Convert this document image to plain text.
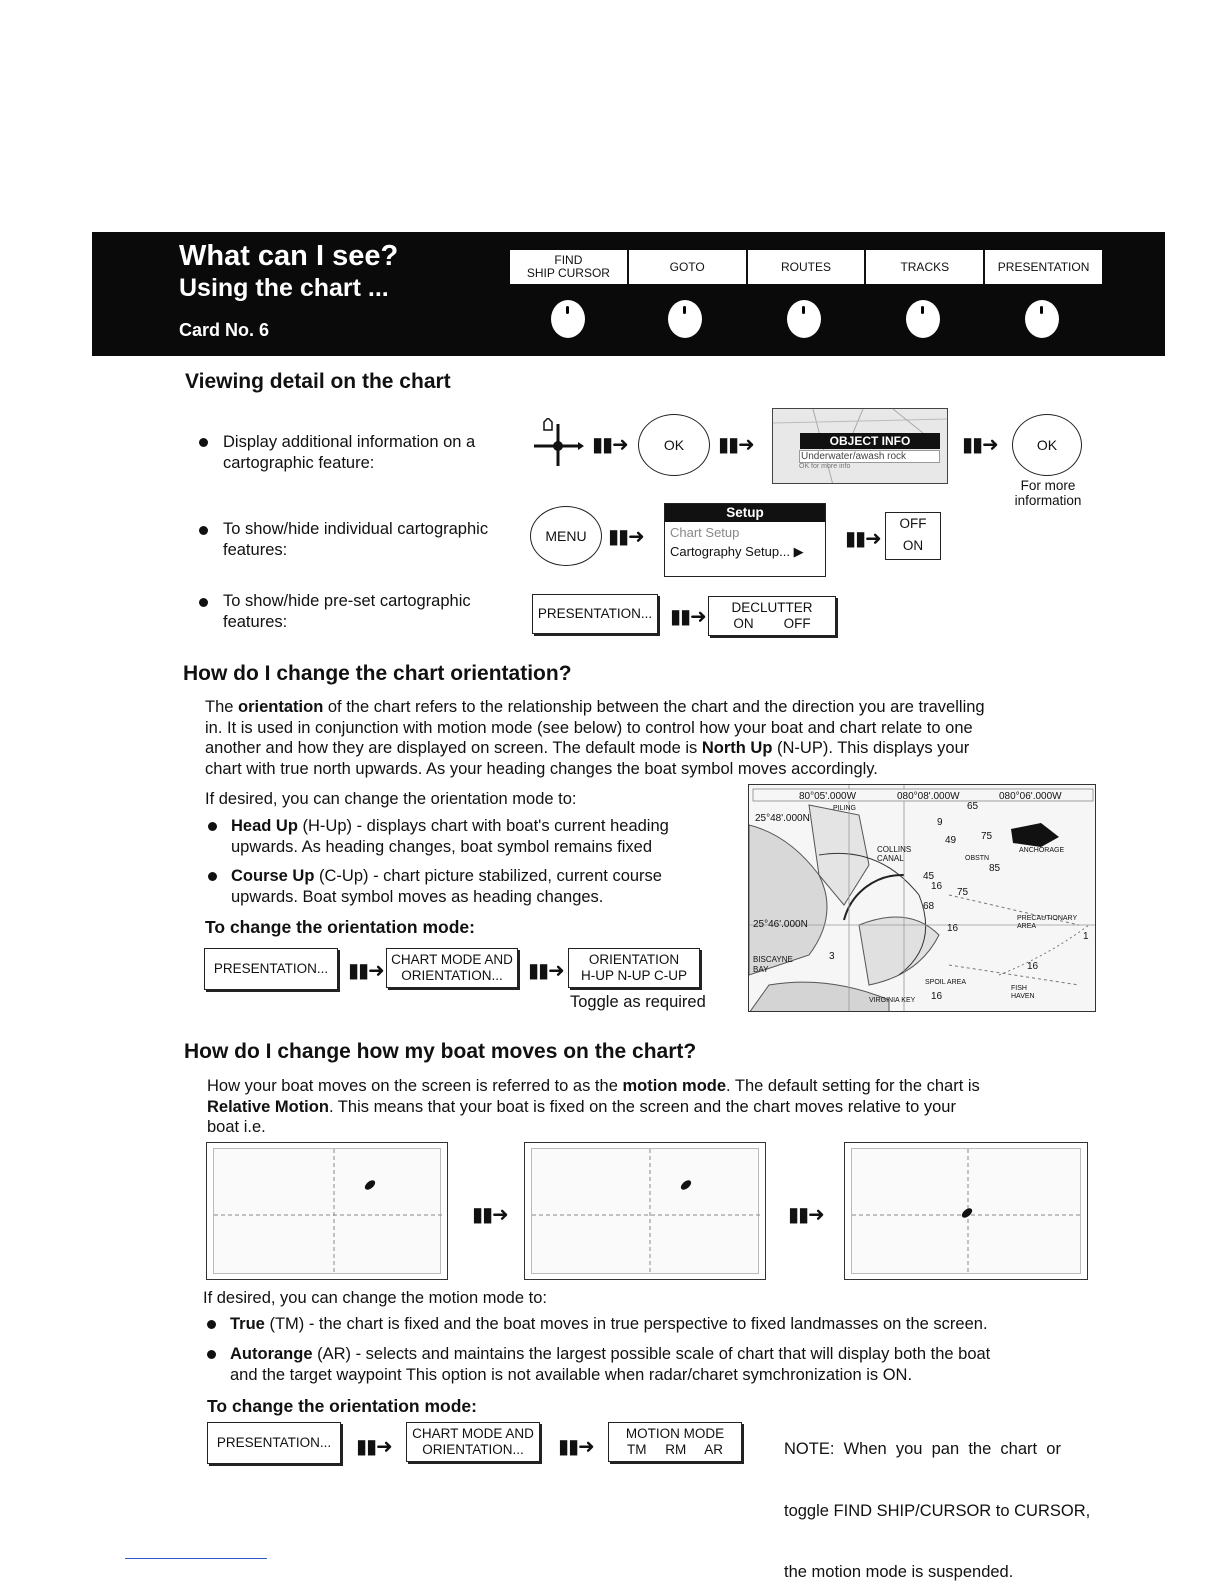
What can I see?
Using the chart ...
Card No. 6
FIND
SHIP CURSOR	GOTO	ROUTES	TRACKS	PRESENTATION
Viewing detail on the chart
Display additional information on a
cartographic feature:
▮▮➜	OK ▮▮➜	OBJECT INFO
Underwater/awash rock
OK for more info
▮▮➜	OK
For more
information
To show/hide individual cartographic
features:
MENU ▮▮➜
Setup
Chart Setup
Cartography Setup... ▶
▮▮➜
OFF
ON
To show/hide pre-set cartographic
features:	PRESENTATION... ▮▮➜ DECLUTTER
ON        OFF
How do I change the chart orientation?
The orientation of the chart refers to the relationship between the chart and the direction you are travelling
in. It is used in conjunction with motion mode (see below) to control how your boat and chart relate to one
another and how they are displayed on screen. The default mode is North Up (N-UP). This displays your
chart with true north upwards. As your heading changes the boat symbol moves accordingly.
If desired, you can change the orientation mode to:
Head Up (H-Up) - displays chart with boat's current heading
upwards. As heading changes, boat symbol remains fixed
Course Up (C-Up) - chart picture stabilized, current course
upwards. Boat symbol moves as heading changes.
To change the orientation mode:
PRESENTATION... ▮▮➜
CHART MODE AND
ORIENTATION...	▮▮➜
ORIENTATION
H-UP N-UP C-UP
Toggle as required
80°05'.000W	080°08'.000W	080°06'.000W
25°48'.000N
25°46'.000N
PILING
COLLINS CANAL	OBSTN
ANCHORAGE
PRECAUTIONARY AREA
BISCAYNE BAY
SPOIL AREA
FISH HAVEN
VIRGINIA KEY
65
9
49 75
85
45
16
75
68
16
16
16
1
3
How do I change how my boat moves on the chart?
How your boat moves on the screen is referred to as the motion mode. The default setting for the chart is
Relative Motion. This means that your boat is fixed on the screen and the chart moves relative to your
boat i.e.
▮▮➜	▮▮➜
If desired, you can change the motion mode to:
True (TM) - the chart is fixed and the boat moves in true perspective to fixed landmasses on the screen.
Autorange (AR) - selects and maintains the largest possible scale of chart that will display both the boat
and the target waypoint This option is not available when radar/charet symchronization is ON.
To change the orientation mode:
PRESENTATION... ▮▮➜
CHART MODE AND
ORIENTATION...	▮▮➜
MOTION MODE
TM     RM     AR

	NOTE:  When  you  pan  the  chart  or

toggle FIND SHIP/CURSOR to CURSOR,

the motion mode is suspended.
